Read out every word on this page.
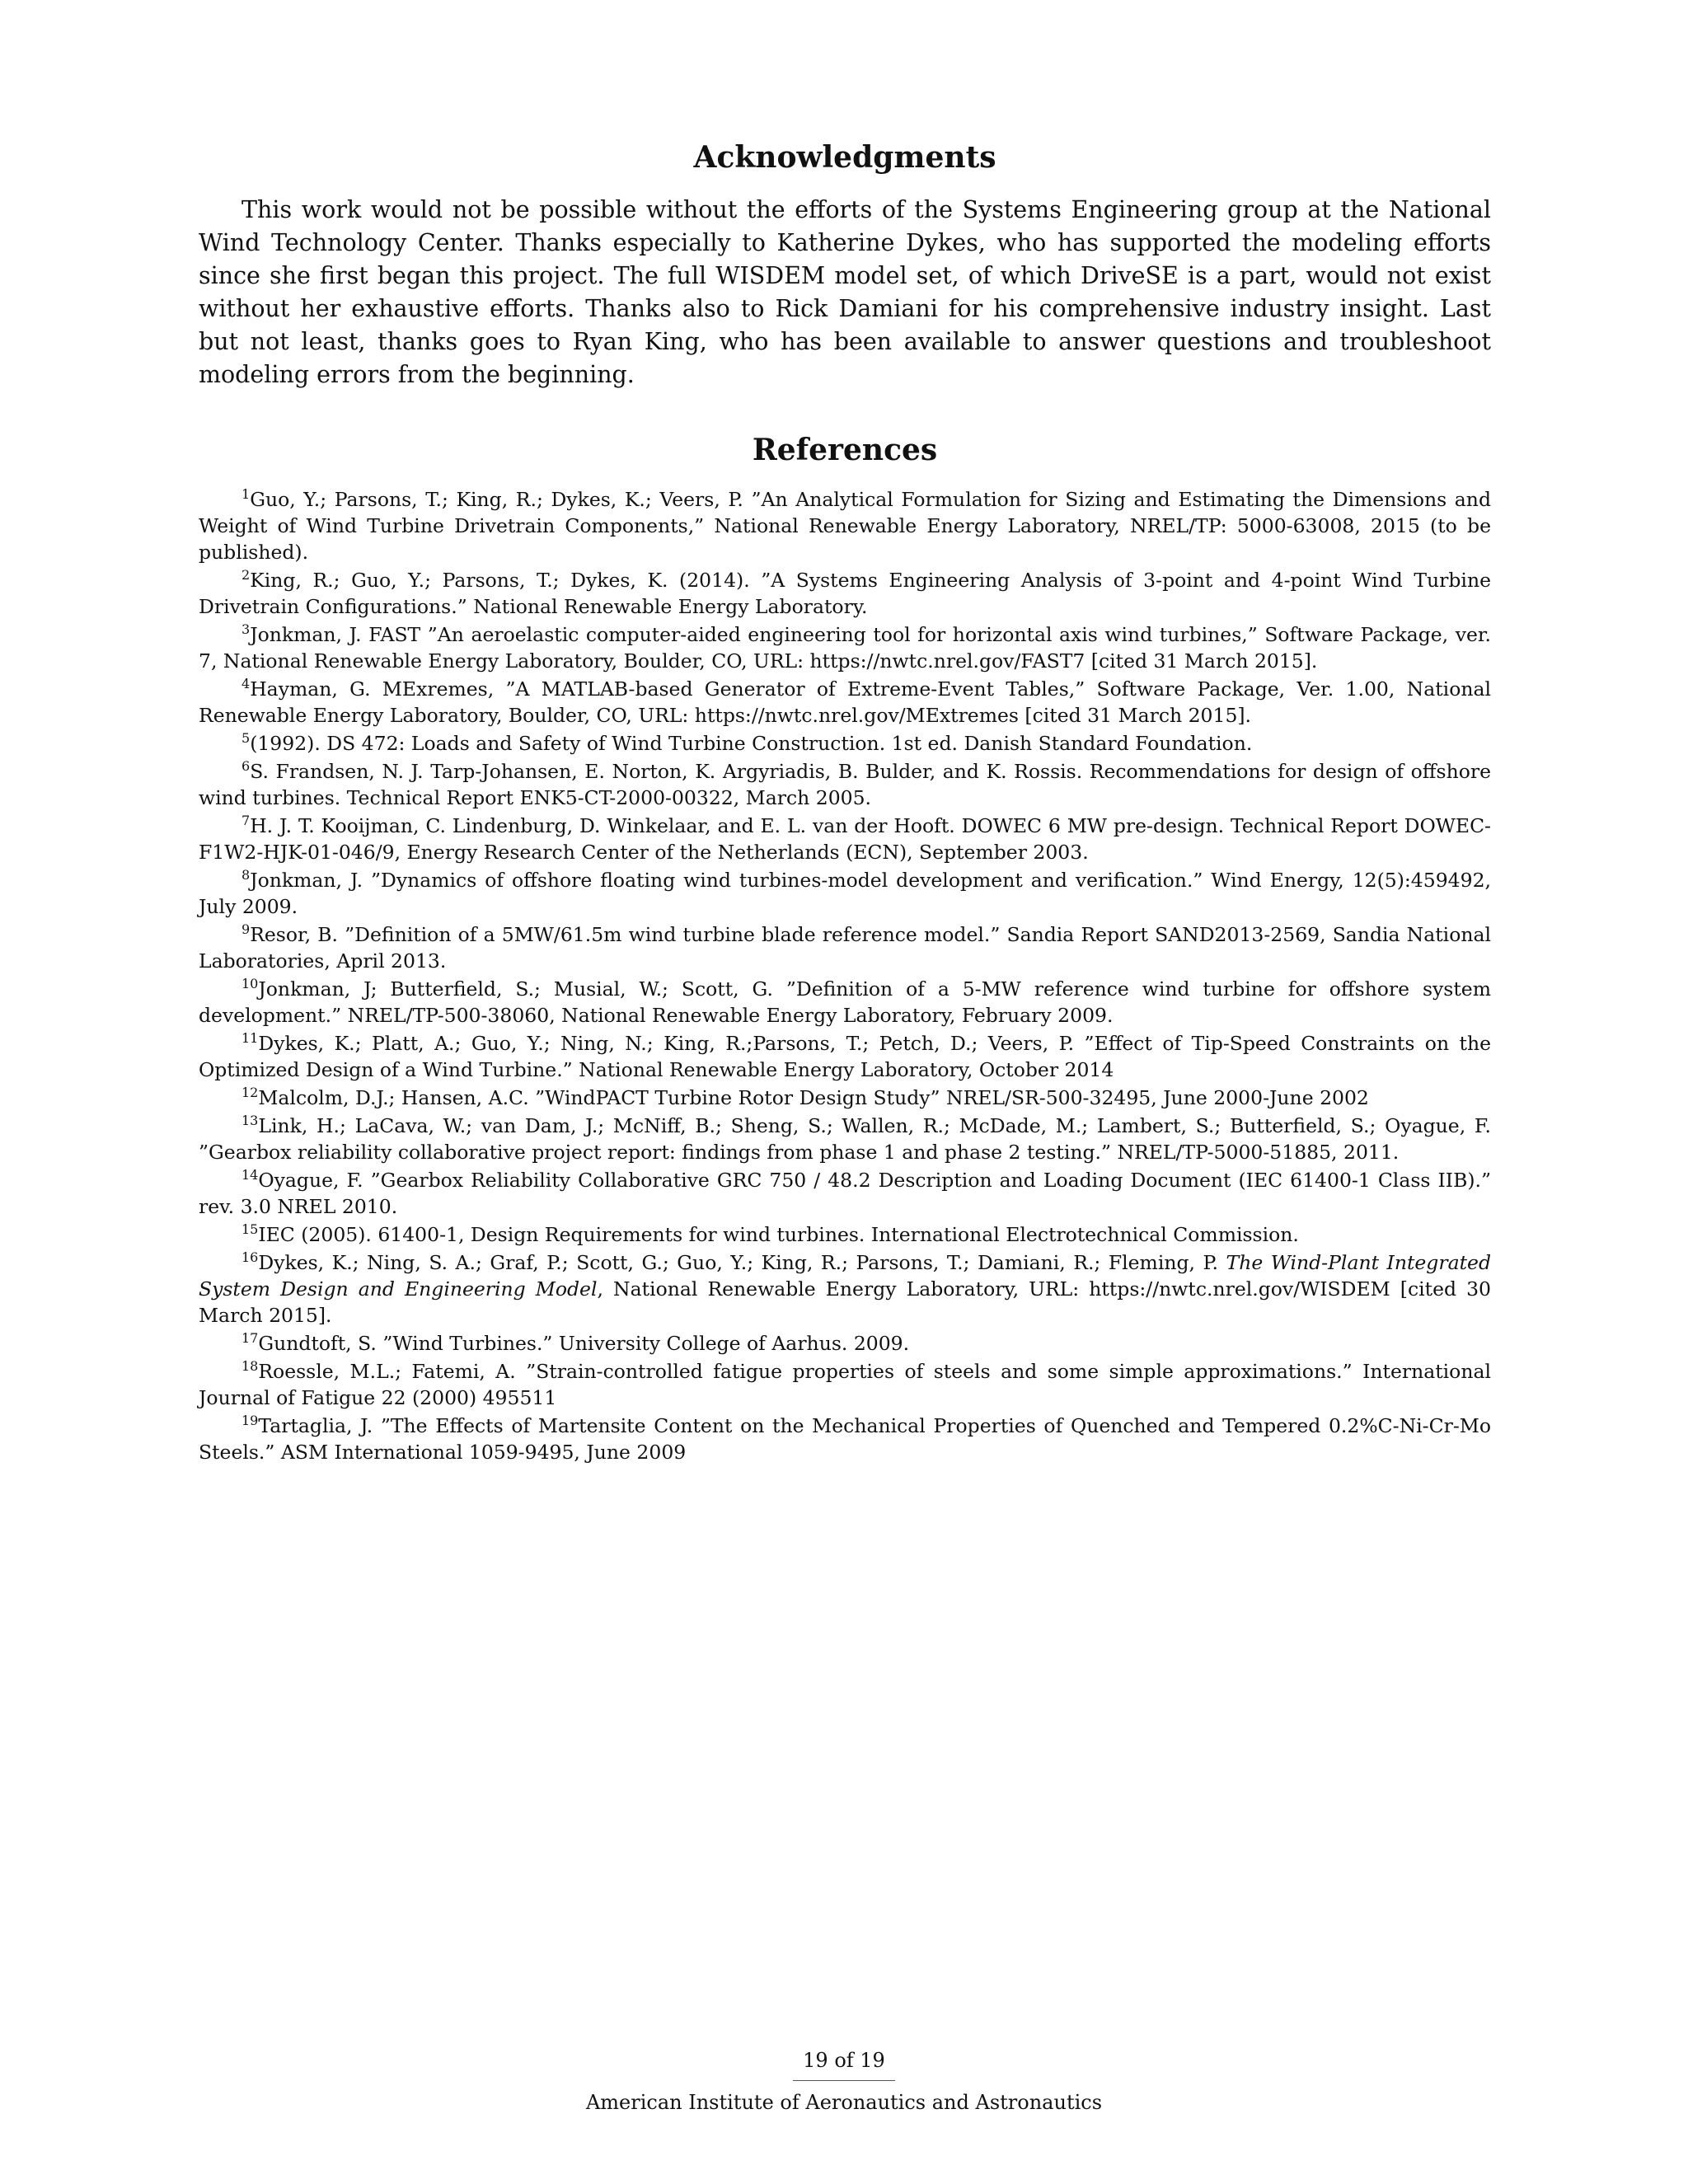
Acknowledgments

This work would not be possible without the efforts of the Systems Engineering group at the National Wind Technology Center. Thanks especially to Katherine Dykes, who has supported the modeling efforts since she first began this project. The full WISDEM model set, of which DriveSE is a part, would not exist without her exhaustive efforts. Thanks also to Rick Damiani for his comprehensive industry insight. Last but not least, thanks goes to Ryan King, who has been available to answer questions and troubleshoot modeling errors from the beginning.

References

$^1$Guo, Y.; Parsons, T.; King, R.; Dykes, K.; Veers, P. ”An Analytical Formulation for Sizing and Estimating the Dimensions and Weight of Wind Turbine Drivetrain Components,” National Renewable Energy Laboratory, NREL/TP: 5000-63008, 2015 (to be published).

$^2$King, R.; Guo, Y.; Parsons, T.; Dykes, K. (2014). ”A Systems Engineering Analysis of 3-point and 4-point Wind Turbine Drivetrain Configurations.” National Renewable Energy Laboratory.

$^3$Jonkman, J. FAST ”An aeroelastic computer-aided engineering tool for horizontal axis wind turbines,” Software Package, ver. 7, National Renewable Energy Laboratory, Boulder, CO, URL: https://nwtc.nrel.gov/FAST7 [cited 31 March 2015].

$^4$Hayman, G. MExremes, ”A MATLAB-based Generator of Extreme-Event Tables,” Software Package, Ver. 1.00, National Renewable Energy Laboratory, Boulder, CO, URL: https://nwtc.nrel.gov/MExtremes [cited 31 March 2015].

$^5$(1992). DS 472: Loads and Safety of Wind Turbine Construction. 1st ed. Danish Standard Foundation.

$^6$S. Frandsen, N. J. Tarp-Johansen, E. Norton, K. Argyriadis, B. Bulder, and K. Rossis. Recommendations for design of offshore wind turbines. Technical Report ENK5-CT-2000-00322, March 2005.

$^7$H. J. T. Kooijman, C. Lindenburg, D. Winkelaar, and E. L. van der Hooft. DOWEC 6 MW pre-design. Technical Report DOWEC-F1W2-HJK-01-046/9, Energy Research Center of the Netherlands (ECN), September 2003.

$^8$Jonkman, J. ”Dynamics of offshore floating wind turbines-model development and verification.” Wind Energy, 12(5):459492, July 2009.

$^9$Resor, B. ”Definition of a 5MW/61.5m wind turbine blade reference model.” Sandia Report SAND2013-2569, Sandia National Laboratories, April 2013.

$^{10}$Jonkman, J; Butterfield, S.; Musial, W.; Scott, G. ”Definition of a 5-MW reference wind turbine for offshore system development.” NREL/TP-500-38060, National Renewable Energy Laboratory, February 2009.

$^{11}$Dykes, K.; Platt, A.; Guo, Y.; Ning, N.; King, R.;Parsons, T.; Petch, D.; Veers, P. ”Effect of Tip-Speed Constraints on the Optimized Design of a Wind Turbine.” National Renewable Energy Laboratory, October 2014

$^{12}$Malcolm, D.J.; Hansen, A.C. ”WindPACT Turbine Rotor Design Study” NREL/SR-500-32495, June 2000-June 2002

$^{13}$Link, H.; LaCava, W.; van Dam, J.; McNiff, B.; Sheng, S.; Wallen, R.; McDade, M.; Lambert, S.; Butterfield, S.; Oyague, F. ”Gearbox reliability collaborative project report: findings from phase 1 and phase 2 testing.” NREL/TP-5000-51885, 2011.

$^{14}$Oyague, F. ”Gearbox Reliability Collaborative GRC 750 / 48.2 Description and Loading Document (IEC 61400-1 Class IIB).” rev. 3.0 NREL 2010.

$^{15}$IEC (2005). 61400-1, Design Requirements for wind turbines. International Electrotechnical Commission.

$^{16}$Dykes, K.; Ning, S. A.; Graf, P.; Scott, G.; Guo, Y.; King, R.; Parsons, T.; Damiani, R.; Fleming, P. The Wind-Plant Integrated System Design and Engineering Model, National Renewable Energy Laboratory, URL: https://nwtc.nrel.gov/WISDEM [cited 30 March 2015].

$^{17}$Gundtoft, S. ”Wind Turbines.” University College of Aarhus. 2009.

$^{18}$Roessle, M.L.; Fatemi, A. ”Strain-controlled fatigue properties of steels and some simple approximations.” International Journal of Fatigue 22 (2000) 495511

$^{19}$Tartaglia, J. ”The Effects of Martensite Content on the Mechanical Properties of Quenched and Tempered 0.2%C-Ni-Cr-Mo Steels.” ASM International 1059-9495, June 2009

19 of 19
American Institute of Aeronautics and Astronautics
